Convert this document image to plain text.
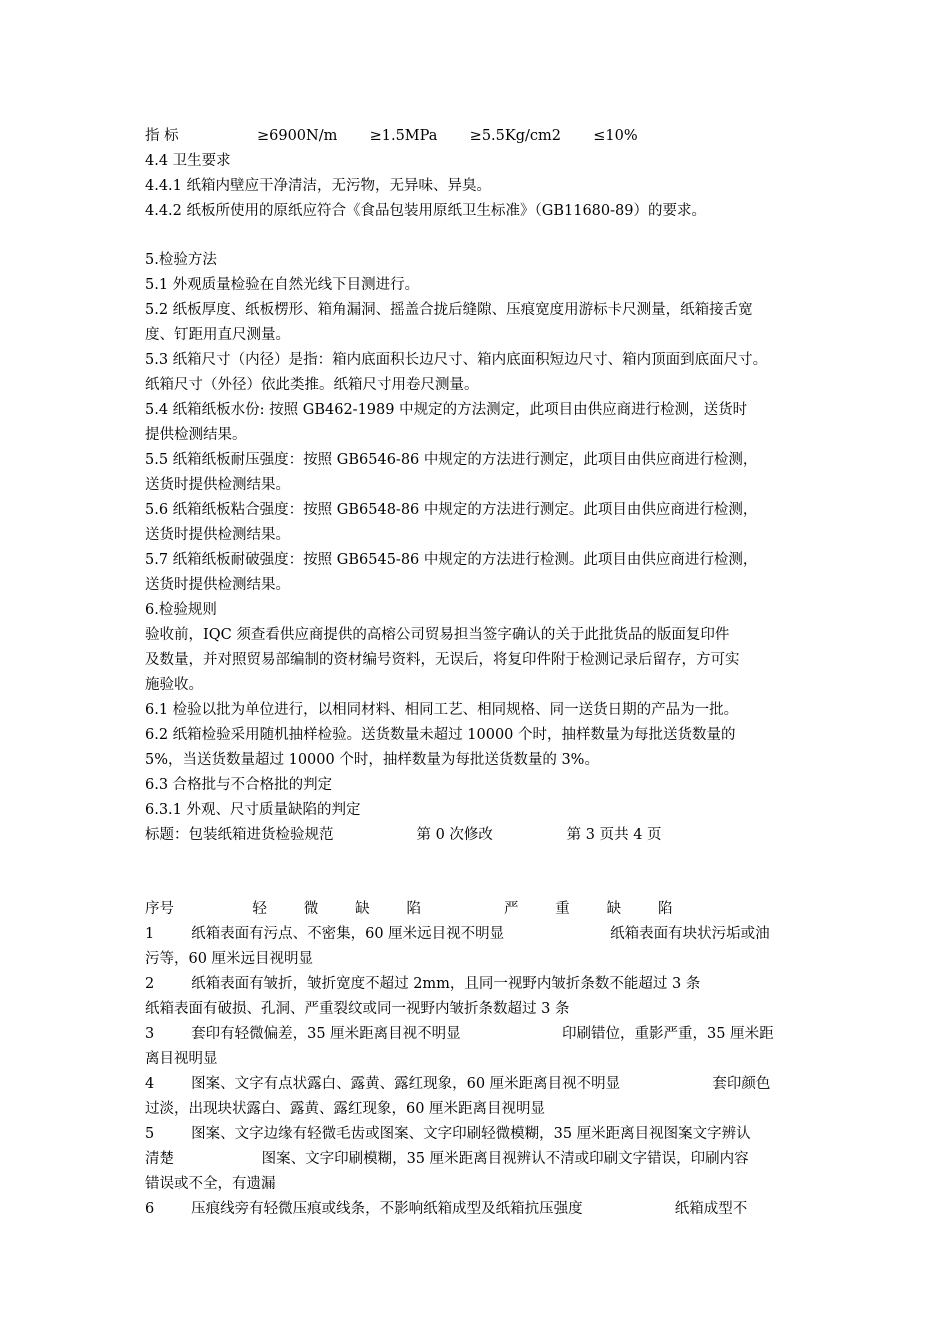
指 标                 ≥6900N/m       ≥1.5MPa       ≥5.5Kg/cm2       ≤10%
4.4 卫生要求
4.4.1 纸箱内壁应干净清洁，无污物，无异味、异臭。
4.4.2 纸板所使用的原纸应符合《食品包装用原纸卫生标准》（GB11680-89）的要求。
5.检验方法
5.1 外观质量检验在自然光线下目测进行。
5.2 纸板厚度、纸板楞形、箱角漏洞、摇盖合拢后缝隙、压痕宽度用游标卡尺测量，纸箱接舌宽
度、钉距用直尺测量。
5.3 纸箱尺寸（内径）是指：箱内底面积长边尺寸、箱内底面积短边尺寸、箱内顶面到底面尺寸。
纸箱尺寸（外径）依此类推。纸箱尺寸用卷尺测量。
5.4 纸箱纸板水份: 按照 GB462-1989 中规定的方法测定，此项目由供应商进行检测，送货时
提供检测结果。
5.5 纸箱纸板耐压强度：按照 GB6546-86 中规定的方法进行测定，此项目由供应商进行检测，
送货时提供检测结果。
5.6 纸箱纸板粘合强度：按照 GB6548-86 中规定的方法进行测定。此项目由供应商进行检测，
送货时提供检测结果。
5.7 纸箱纸板耐破强度：按照 GB6545-86 中规定的方法进行检测。此项目由供应商进行检测，
送货时提供检测结果。
6.检验规则
验收前，IQC 须查看供应商提供的高榕公司贸易担当签字确认的关于此批货品的版面复印件
及数量，并对照贸易部编制的资材编号资料，无误后，将复印件附于检测记录后留存，方可实
施验收。
6.1 检验以批为单位进行，以相同材料、相同工艺、相同规格、同一送货日期的产品为一批。
6.2 纸箱检验采用随机抽样检验。送货数量未超过 10000 个时，抽样数量为每批送货数量的
5%，当送货数量超过 10000 个时，抽样数量为每批送货数量的 3%。
6.3 合格批与不合格批的判定
6.3.1 外观、尺寸质量缺陷的判定
标题：包装纸箱进货检验规范                  第 0 次修改                第 3 页共 4 页
序号                 轻        微        缺        陷                  严        重        缺        陷
1        纸箱表面有污点、不密集，60 厘米远目视不明显                       纸箱表面有块状污垢或油
污等，60 厘米远目视明显
2        纸箱表面有皱折，皱折宽度不超过 2mm，且同一视野内皱折条数不能超过 3 条
纸箱表面有破损、孔洞、严重裂纹或同一视野内皱折条数超过 3 条
3        套印有轻微偏差，35 厘米距离目视不明显                      印刷错位，重影严重，35 厘米距
离目视明显
4        图案、文字有点状露白、露黄、露红现象，60 厘米距离目视不明显                    套印颜色
过淡，出现块状露白、露黄、露红现象，60 厘米距离目视明显
5        图案、文字边缘有轻微毛齿或图案、文字印刷轻微模糊，35 厘米距离目视图案文字辨认
清楚                   图案、文字印刷模糊，35 厘米距离目视辨认不清或印刷文字错误，印刷内容
错误或不全，有遗漏
6        压痕线旁有轻微压痕或线条，不影响纸箱成型及纸箱抗压强度                    纸箱成型不
